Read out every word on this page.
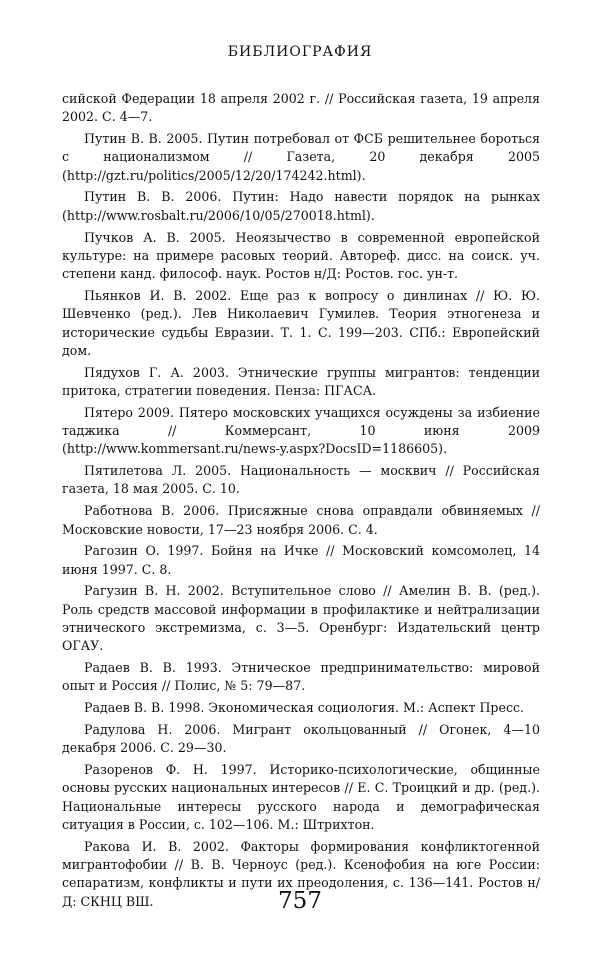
БИБЛИОГРАФИЯ

сийской Федерации 18 апреля 2002 г. // Российская газета, 19 апреля 2002. С. 4—7.

Путин В. В. 2005. Путин потребовал от ФСБ решительнее бороться с национализмом // Газета, 20 декабря 2005 (http://gzt.ru/politics/2005/12/20/174242.html).

Путин В. В. 2006. Путин: Надо навести порядок на рынках (http://www.rosbalt.ru/2006/10/05/270018.html).

Пучков А. В. 2005. Неоязычество в современной европейской культуре: на примере расовых теорий. Автореф. дисс. на соиск. уч. степени канд. философ. наук. Ростов н/Д: Ростов. гос. ун-т.

Пьянков И. В. 2002. Еще раз к вопросу о динлинах // Ю. Ю. Шевченко (ред.). Лев Николаевич Гумилев. Теория этногенеза и исторические судьбы Евразии. Т. 1. С. 199—203. СПб.: Европейский дом.

Пядухов Г. А. 2003. Этнические группы мигрантов: тенденции притока, стратегии поведения. Пенза: ПГАСА.

Пятеро 2009. Пятеро московских учащихся осуждены за избиение таджика // Коммерсант, 10 июня 2009 (http://www.kommersant.ru/news-y.aspx?DocsID=1186605).

Пятилетова Л. 2005. Национальность — москвич // Российская газета, 18 мая 2005. С. 10.

Работнова В. 2006. Присяжные снова оправдали обвиняемых // Московские новости, 17—23 ноября 2006. С. 4.

Рагозин О. 1997. Бойня на Ичке // Московский комсомолец, 14 июня 1997. С. 8.

Рагузин В. Н. 2002. Вступительное слово // Амелин В. В. (ред.). Роль средств массовой информации в профилактике и нейтрализации этнического экстремизма, с. 3—5. Оренбург: Издательский центр ОГАУ.

Радаев В. В. 1993. Этническое предпринимательство: мировой опыт и Россия // Полис, № 5: 79—87.

Радаев В. В. 1998. Экономическая социология. М.: Аспект Пресс.

Радулова Н. 2006. Мигрант окольцованный // Огонек, 4—10 декабря 2006. С. 29—30.

Разоренов Ф. Н. 1997. Историко-психологические, общинные основы русских национальных интересов // Е. С. Троицкий и др. (ред.). Национальные интересы русского народа и демографическая ситуация в России, с. 102—106. М.: Штрихтон.

Ракова И. В. 2002. Факторы формирования конфликтогенной мигрантофобии // В. В. Черноус (ред.). Ксенофобия на юге России: сепаратизм, конфликты и пути их преодоления, с. 136—141. Ростов н/Д: СКНЦ ВШ.	757
